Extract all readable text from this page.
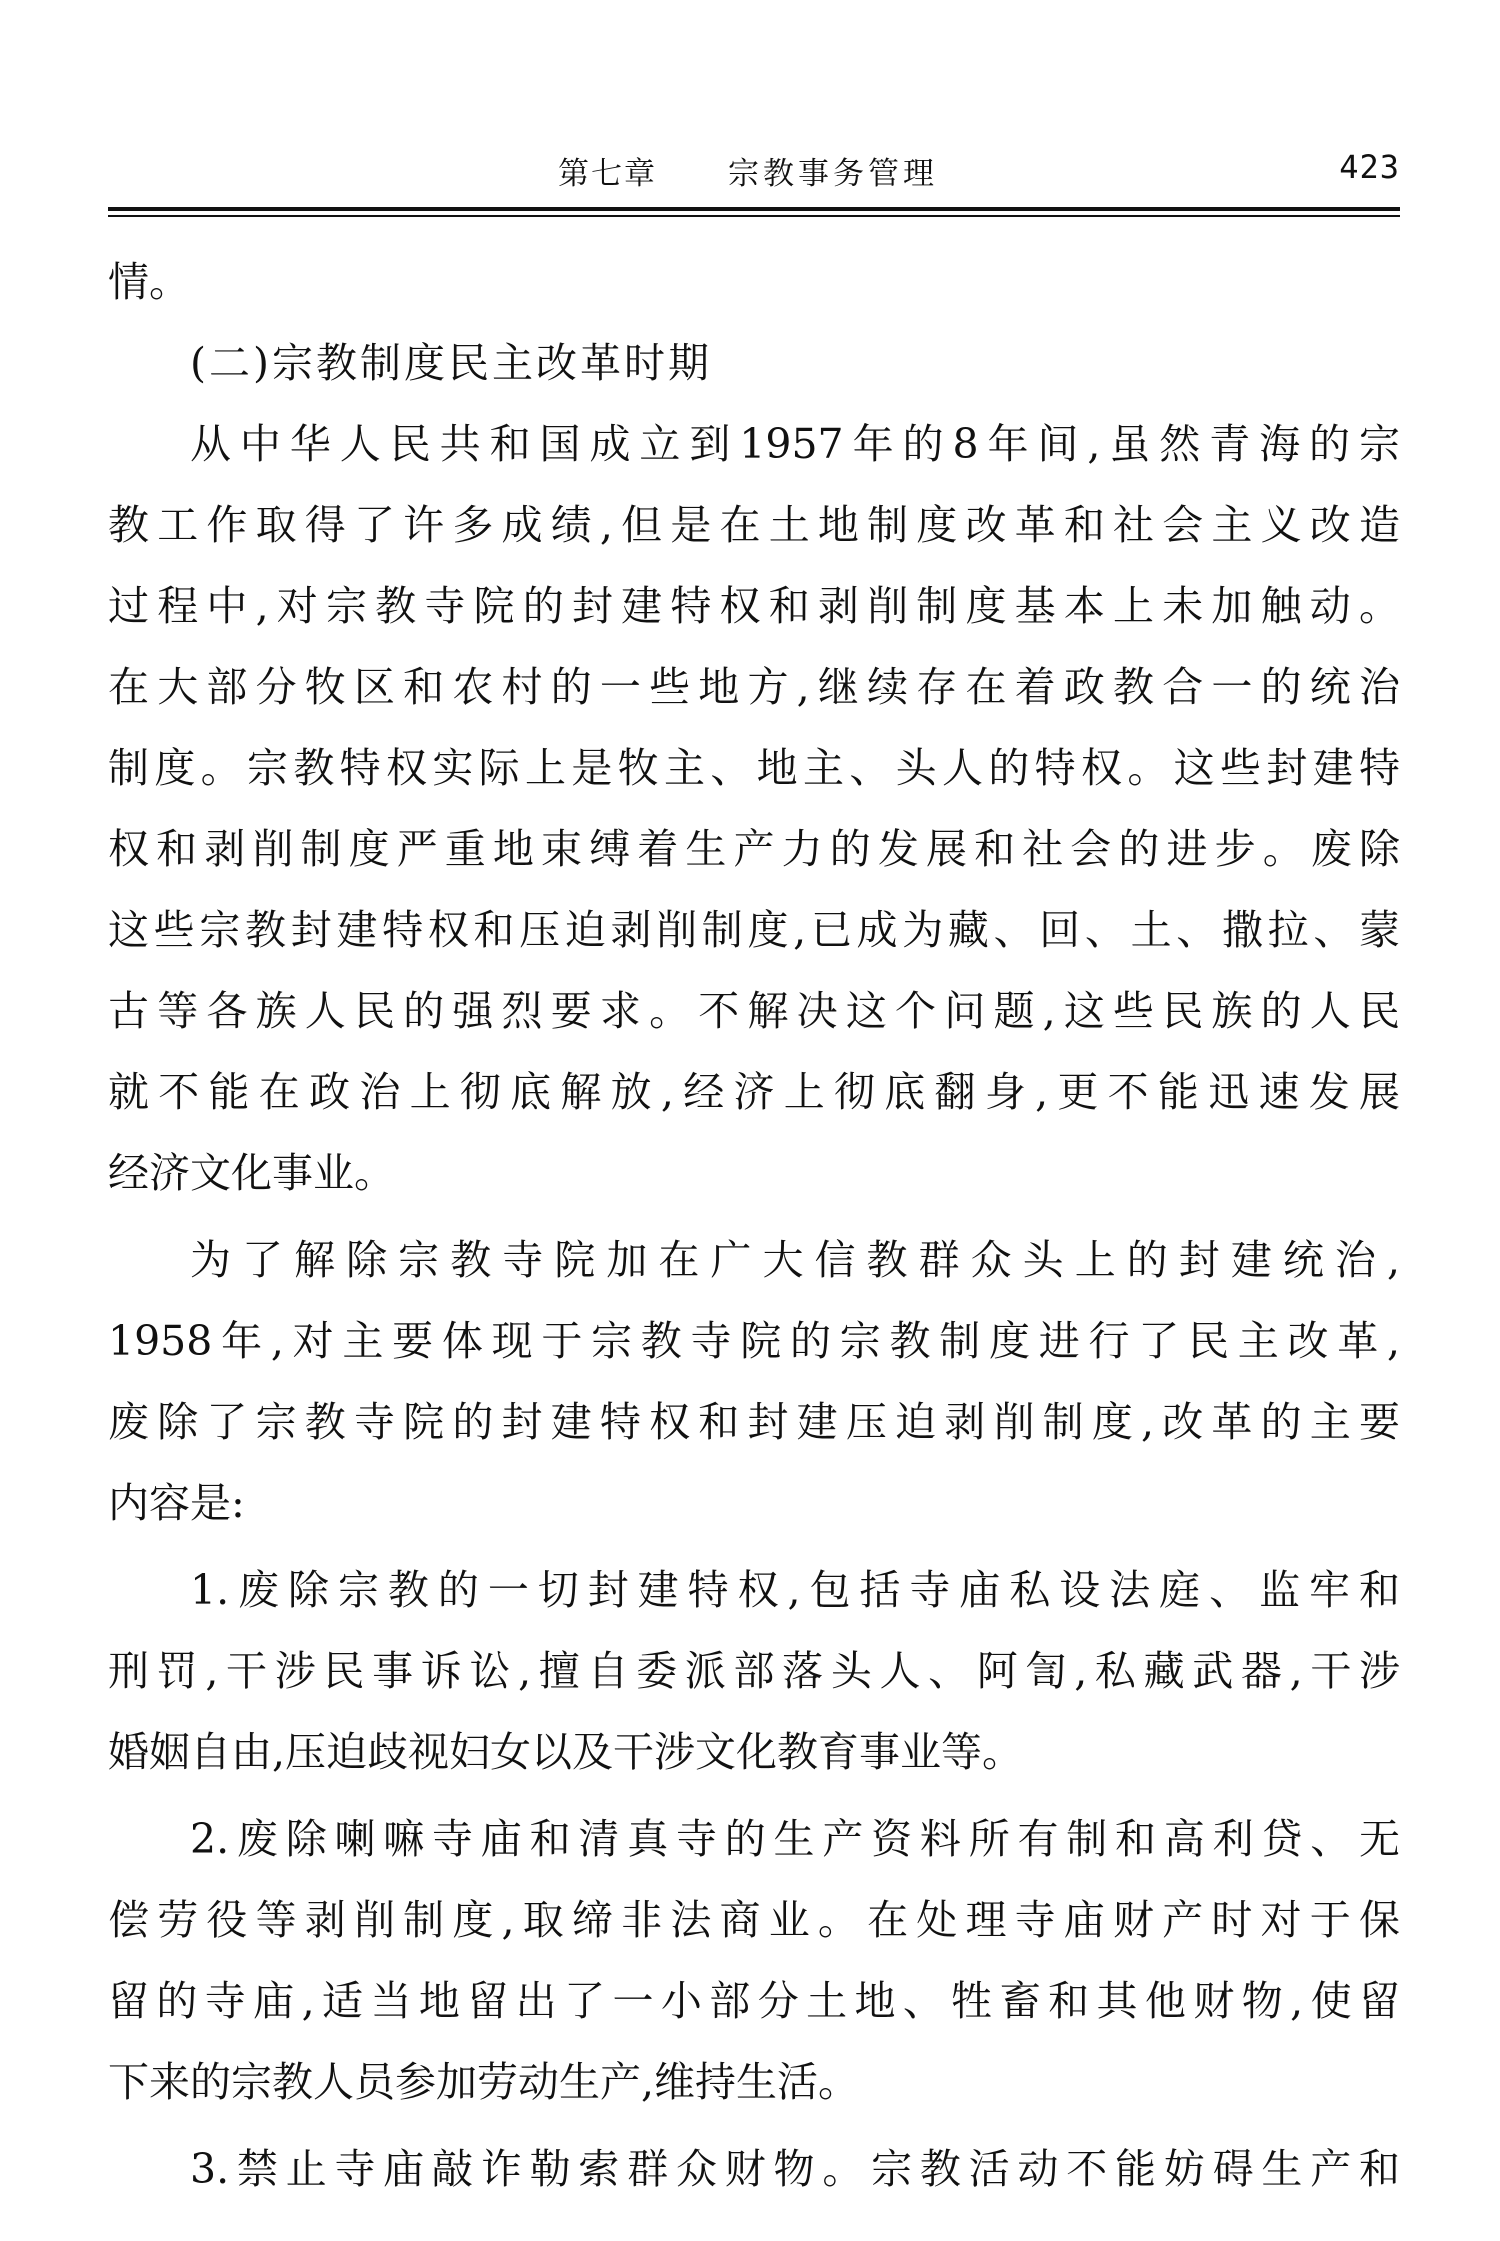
第七章 宗教事务管理	423
情。
(二)宗教制度民主改革时期
从中华人民共和国成立到1957年的8年间,虽然青海的宗
教工作取得了许多成绩,但是在土地制度改革和社会主义改造
过程中,对宗教寺院的封建特权和剥削制度基本上未加触动。
在大部分牧区和农村的一些地方,继续存在着政教合一的统治
制度。宗教特权实际上是牧主、地主、头人的特权。这些封建特
权和剥削制度严重地束缚着生产力的发展和社会的进步。废除
这些宗教封建特权和压迫剥削制度,已成为藏、回、土、撒拉、蒙
古等各族人民的强烈要求。不解决这个问题,这些民族的人民
就不能在政治上彻底解放,经济上彻底翻身,更不能迅速发展
经济文化事业。
为了解除宗教寺院加在广大信教群众头上的封建统治,
1958年,对主要体现于宗教寺院的宗教制度进行了民主改革,
废除了宗教寺院的封建特权和封建压迫剥削制度,改革的主要
内容是:
1.废除宗教的一切封建特权,包括寺庙私设法庭、监牢和
刑罚,干涉民事诉讼,擅自委派部落头人、阿訇,私藏武器,干涉
婚姻自由,压迫歧视妇女以及干涉文化教育事业等。
2.废除喇嘛寺庙和清真寺的生产资料所有制和高利贷、无
偿劳役等剥削制度,取缔非法商业。在处理寺庙财产时对于保
留的寺庙,适当地留出了一小部分土地、牲畜和其他财物,使留
下来的宗教人员参加劳动生产,维持生活。
3.禁止寺庙敲诈勒索群众财物。宗教活动不能妨碍生产和
